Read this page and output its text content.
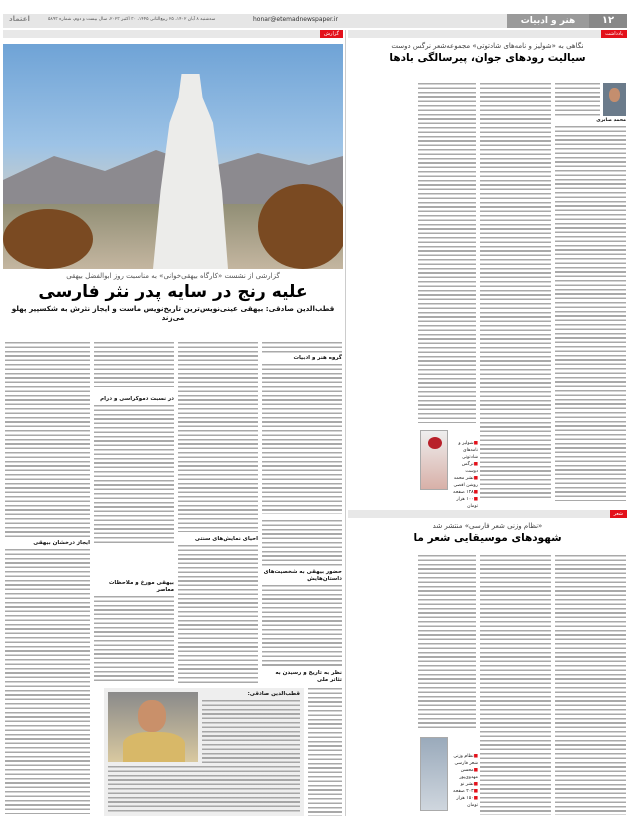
۱۲
هنر و ادبیات
honar@etemadnewspaper.ir
سه‌شنبه ۸ آبان ۱۴۰۲، ۲۵ ربیع‌الثانی ۱۴۴۵، ۳۰ اکتبر ۲۰۲۳، سال بیست و دوم، شماره ۵۸۹۳
اعتماد
یادداشت
گزارش
گزارشی از نشست «کارگاه بیهقی‌خوانی» به مناسبت روز ابوالفضل بیهقی
علیه رنج در سایه پدر نثر فارسی
قطب‌الدین صادقی: بیهقی عینی‌نویس‌ترین تاریخ‌نویس ماست و ایجاز نثرش به شکسپیر پهلو می‌زند
گروه هنر و ادبیات
حضور بیهقی به شخصیت‌های داستان‌هایش
نظر به تاریخ و رسیدن به تئاتر ملی
احیای نمایش‌های سنتی
در نسبت دموکراسی و درام
بیهقی مورخ و ملاحظات معاصر
ایجاز درخشان بیهقی
قطب‌الدین صادقی:
نگاهی به «شولیز و نامه‌های شادتوتی» مجموعه‌شعر نرگس دوست
سیالیت رودهای جوان، پیرسالگی بادها
محمد صابری
■شولیز و نامه‌های شادتوتی
■نرگس دوست
■نشر محمد روشن اقصی
■۱۲۸ صفحه
■۱۰۰ هزار تومان
شعر
«نظام وزنی شعر فارسی» منتشر شد
شهودهای موسیقایی شعر ما
■نظام وزنی شعر فارسی
■محسن مهدوی‌پور
■نشر نو
■۲۰۳ صفحه
■۱۵۰ هزار تومان
